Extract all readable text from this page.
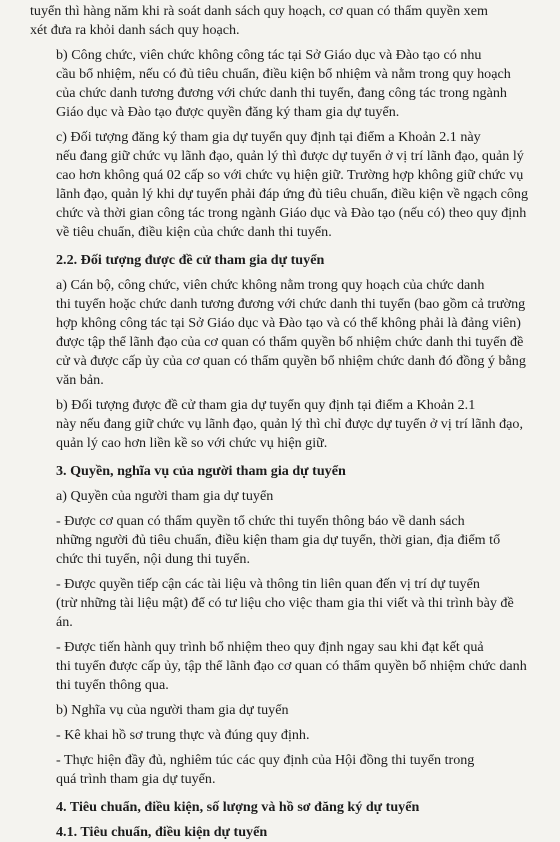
tuyển thì hàng năm khi rà soát danh sách quy hoạch, cơ quan có thẩm quyền xem
xét đưa ra khỏi danh sách quy hoạch.

b) Công chức, viên chức không công tác tại Sở Giáo dục và Đào tạo có nhu
cầu bổ nhiệm, nếu có đủ tiêu chuẩn, điều kiện bổ nhiệm và nằm trong quy hoạch
của chức danh tương đương với chức danh thi tuyển, đang công tác trong ngành
Giáo dục và Đào tạo được quyền đăng ký tham gia dự tuyển.

c) Đối tượng đăng ký tham gia dự tuyển quy định tại điểm a Khoản 2.1 này
nếu đang giữ chức vụ lãnh đạo, quản lý thì được dự tuyển ở vị trí lãnh đạo, quản lý
cao hơn không quá 02 cấp so với chức vụ hiện giữ. Trường hợp không giữ chức vụ
lãnh đạo, quản lý khi dự tuyển phải đáp ứng đủ tiêu chuẩn, điều kiện về ngạch công
chức và thời gian công tác trong ngành Giáo dục và Đào tạo (nếu có) theo quy định
về tiêu chuẩn, điều kiện của chức danh thi tuyển.

2.2. Đối tượng được đề cử tham gia dự tuyển

a) Cán bộ, công chức, viên chức không nằm trong quy hoạch của chức danh
thi tuyển hoặc chức danh tương đương với chức danh thi tuyển (bao gồm cả trường
hợp không công tác tại Sở Giáo dục và Đào tạo và có thể không phải là đảng viên)
được tập thể lãnh đạo của cơ quan có thẩm quyền bổ nhiệm chức danh thi tuyển đề
cử và được cấp ủy của cơ quan có thẩm quyền bổ nhiệm chức danh đó đồng ý bằng
văn bản.

b) Đối tượng được đề cử tham gia dự tuyển quy định tại điểm a Khoản 2.1
này nếu đang giữ chức vụ lãnh đạo, quản lý thì chỉ được dự tuyển ở vị trí lãnh đạo,
quản lý cao hơn liền kề so với chức vụ hiện giữ.

3. Quyền, nghĩa vụ của người tham gia dự tuyển

a) Quyền của người tham gia dự tuyển

- Được cơ quan có thẩm quyền tổ chức thi tuyển thông báo về danh sách
những người đủ tiêu chuẩn, điều kiện tham gia dự tuyển, thời gian, địa điểm tổ
chức thi tuyển, nội dung thi tuyển.

- Được quyền tiếp cận các tài liệu và thông tin liên quan đến vị trí dự tuyển
(trừ những tài liệu mật) để có tư liệu cho việc tham gia thi viết và thi trình bày đề
án.

- Được tiến hành quy trình bổ nhiệm theo quy định ngay sau khi đạt kết quả
thi tuyển được cấp ủy, tập thể lãnh đạo cơ quan có thẩm quyền bổ nhiệm chức danh
thi tuyển thông qua.

b) Nghĩa vụ của người tham gia dự tuyển

- Kê khai hồ sơ trung thực và đúng quy định.

- Thực hiện đầy đủ, nghiêm túc các quy định của Hội đồng thi tuyển trong
quá trình tham gia dự tuyển.

4. Tiêu chuẩn, điều kiện, số lượng và hồ sơ đăng ký dự tuyển

4.1. Tiêu chuẩn, điều kiện dự tuyển
